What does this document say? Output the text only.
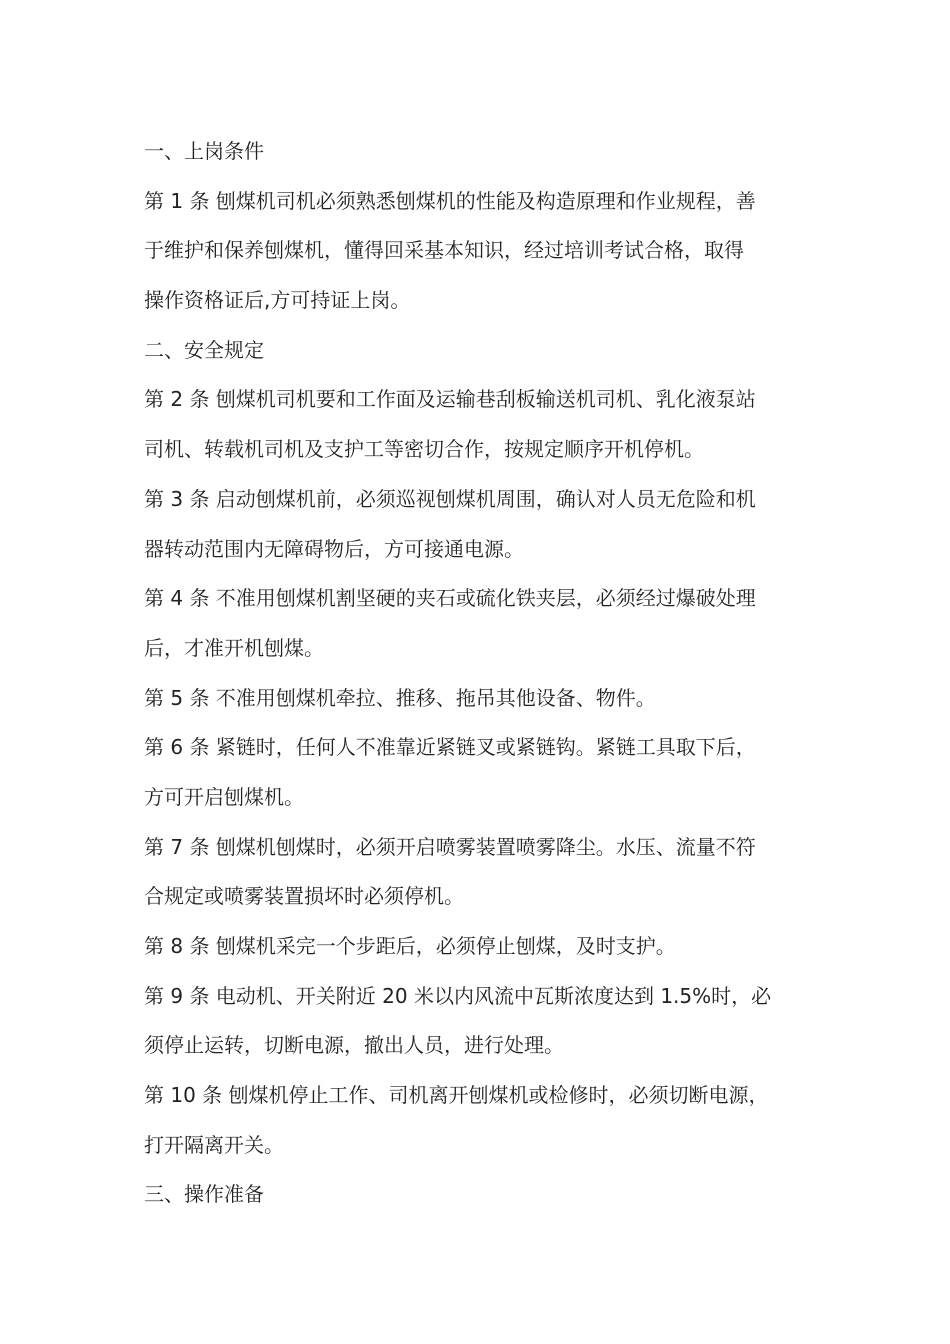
一、上岗条件
第 1 条 刨煤机司机必须熟悉刨煤机的性能及构造原理和作业规程，善
于维护和保养刨煤机，懂得回采基本知识，经过培训考试合格，取得
操作资格证后,方可持证上岗。
二、安全规定
第 2 条 刨煤机司机要和工作面及运输巷刮板输送机司机、乳化液泵站
司机、转载机司机及支护工等密切合作，按规定顺序开机停机。
第 3 条 启动刨煤机前，必须巡视刨煤机周围，确认对人员无危险和机
器转动范围内无障碍物后，方可接通电源。
第 4 条 不准用刨煤机割坚硬的夹石或硫化铁夹层，必须经过爆破处理
后，才准开机刨煤。
第 5 条 不准用刨煤机牵拉、推移、拖吊其他设备、物件。
第 6 条 紧链时，任何人不准靠近紧链叉或紧链钩。紧链工具取下后，
方可开启刨煤机。
第 7 条 刨煤机刨煤时，必须开启喷雾装置喷雾降尘。水压、流量不符
合规定或喷雾装置损坏时必须停机。
第 8 条 刨煤机采完一个步距后，必须停止刨煤，及时支护。
第 9 条 电动机、开关附近 20 米以内风流中瓦斯浓度达到 1.5%时，必
须停止运转，切断电源，撤出人员，进行处理。
第 10 条 刨煤机停止工作、司机离开刨煤机或检修时，必须切断电源，
打开隔离开关。
三、操作准备
